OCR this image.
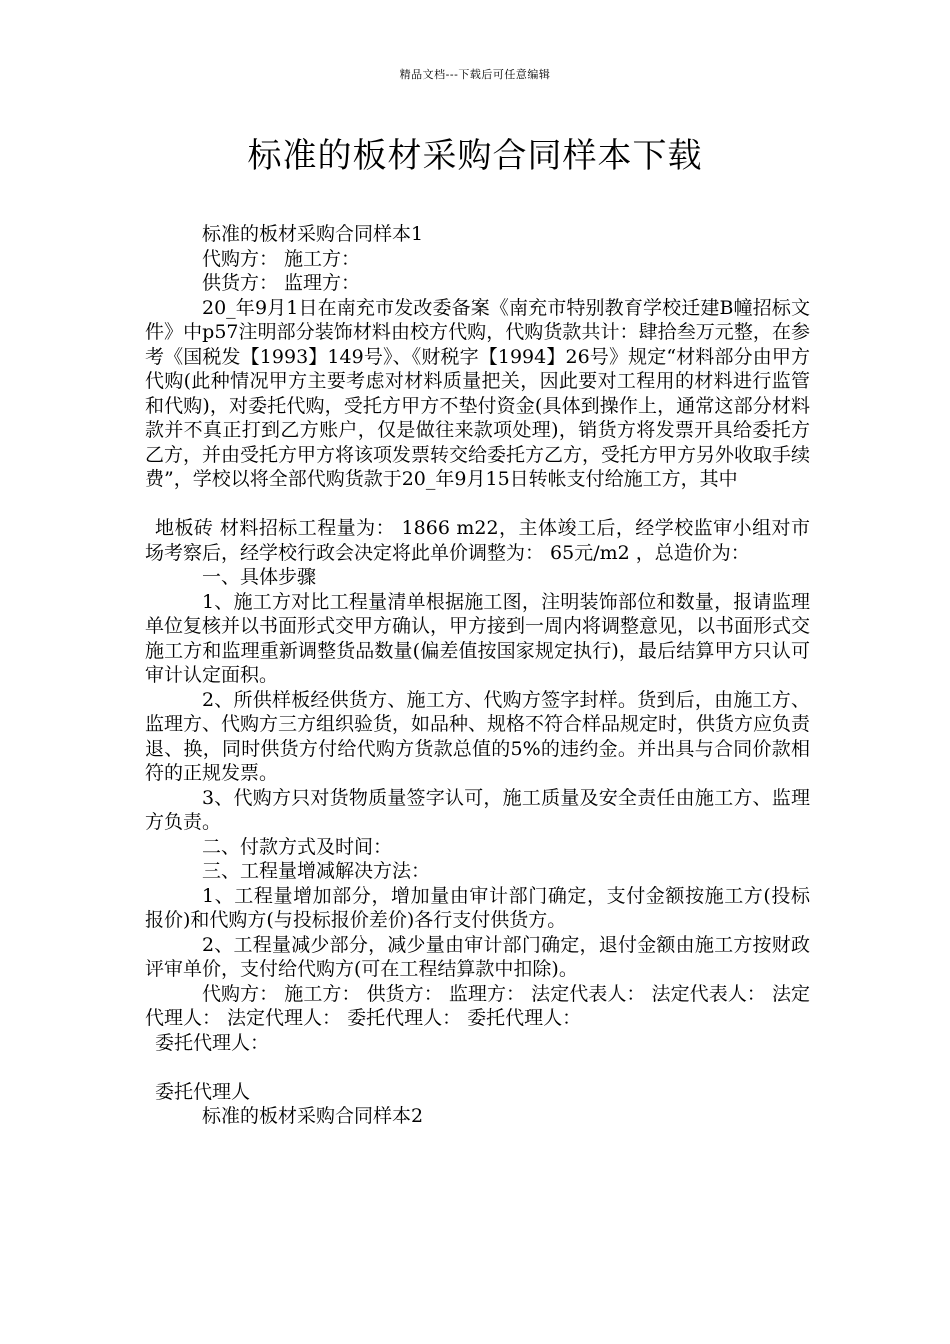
精品文档---下载后可任意编辑
标准的板材采购合同样本下载

标准的板材采购合同样本1

代购方： 施工方：

供货方： 监理方：

20_年9月1日在南充市发改委备案《南充市特别教育学校迁建B幢招标文件》中p57注明部分装饰材料由校方代购，代购货款共计：肆拾叁万元整，在参考《国税发【1993】149号》、《财税字【1994】26号》规定“材料部分由甲方代购(此种情况甲方主要考虑对材料质量把关，因此要对工程用的材料进行监管和代购)，对委托代购，受托方甲方不垫付资金(具体到操作上，通常这部分材料款并不真正打到乙方账户，仅是做往来款项处理)，销货方将发票开具给委托方乙方，并由受托方甲方将该项发票转交给委托方乙方，受托方甲方另外收取手续费”，学校以将全部代购货款于20_年9月15日转帐支付给施工方，其中

地板砖 材料招标工程量为： 1866 m22，主体竣工后，经学校监审小组对市场考察后，经学校行政会决定将此单价调整为： 65元/m2 ，总造价为：

一、具体步骤

1、施工方对比工程量清单根据施工图，注明装饰部位和数量，报请监理单位复核并以书面形式交甲方确认，甲方接到一周内将调整意见，以书面形式交施工方和监理重新调整货品数量(偏差值按国家规定执行)，最后结算甲方只认可审计认定面积。

2、所供样板经供货方、施工方、代购方签字封样。货到后，由施工方、监理方、代购方三方组织验货，如品种、规格不符合样品规定时，供货方应负责退、换，同时供货方付给代购方货款总值的5%的违约金。并出具与合同价款相符的正规发票。

3、代购方只对货物质量签字认可，施工质量及安全责任由施工方、监理方负责。

二、付款方式及时间：

三、工程量增减解决方法：

1、工程量增加部分，增加量由审计部门确定，支付金额按施工方(投标报价)和代购方(与投标报价差价)各行支付供货方。

2、工程量减少部分，减少量由审计部门确定，退付金额由施工方按财政评审单价，支付给代购方(可在工程结算款中扣除)。

代购方： 施工方： 供货方： 监理方： 法定代表人： 法定代表人： 法定代理人： 法定代理人： 委托代理人： 委托代理人：

委托代理人：

委托代理人

标准的板材采购合同样本2
